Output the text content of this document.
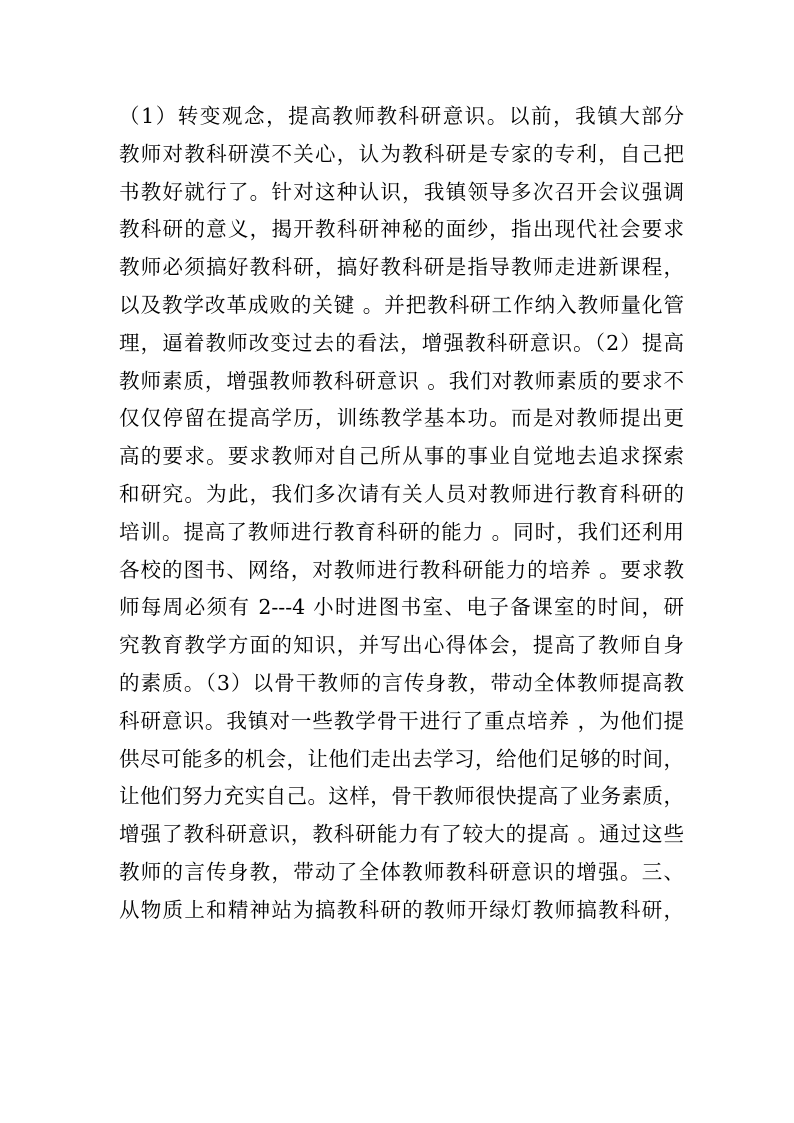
（1）转变观念，提高教师教科研意识。以前，我镇大部分
教师对教科研漠不关心，认为教科研是专家的专利，自己把
书教好就行了。针对这种认识，我镇领导多次召开会议强调
教科研的意义，揭开教科研神秘的面纱，指出现代社会要求
教师必须搞好教科研，搞好教科研是指导教师走进新课程，
以及教学改革成败的关键 。并把教科研工作纳入教师量化管
理，逼着教师改变过去的看法，增强教科研意识。（2）提高
教师素质，增强教师教科研意识 。我们对教师素质的要求不
仅仅停留在提高学历，训练教学基本功。而是对教师提出更
高的要求。要求教师对自己所从事的事业自觉地去追求探索
和研究。为此，我们多次请有关人员对教师进行教育科研的
培训。提高了教师进行教育科研的能力 。同时，我们还利用
各校的图书、网络，对教师进行教科研能力的培养 。要求教
师每周必须有 2---4 小时进图书室、电子备课室的时间，研
究教育教学方面的知识，并写出心得体会，提高了教师自身
的素质。（3）以骨干教师的言传身教，带动全体教师提高教
科研意识。我镇对一些教学骨干进行了重点培养 ，为他们提
供尽可能多的机会，让他们走出去学习，给他们足够的时间，
让他们努力充实自己。这样，骨干教师很快提高了业务素质，
增强了教科研意识，教科研能力有了较大的提高 。通过这些
教师的言传身教，带动了全体教师教科研意识的增强。三、
从物质上和精神站为搞教科研的教师开绿灯教师搞教科研，
